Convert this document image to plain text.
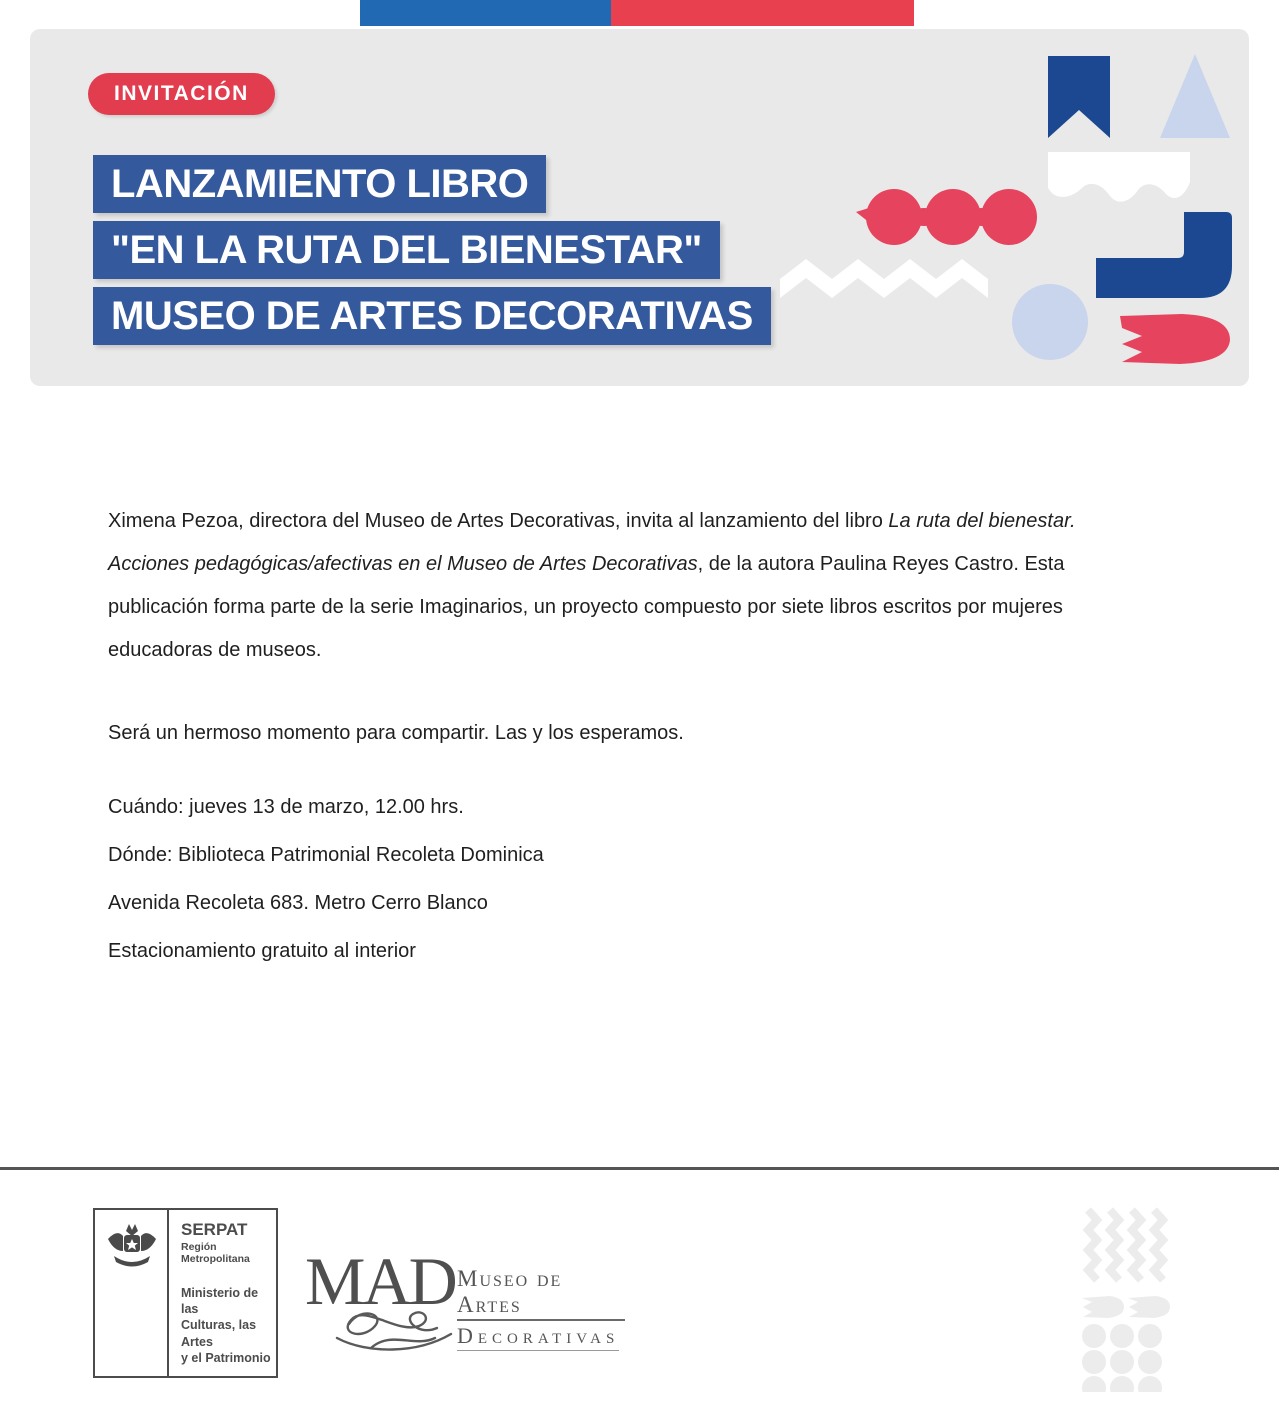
INVITACIÓN
LANZAMIENTO LIBRO
"EN LA RUTA DEL BIENESTAR"
MUSEO DE ARTES DECORATIVAS
Ximena Pezoa, directora del Museo de Artes Decorativas, invita al lanzamiento del libro La ruta del bienestar.
Acciones pedagógicas/afectivas en el Museo de Artes Decorativas, de la autora Paulina Reyes Castro. Esta
publicación forma parte de la serie Imaginarios, un proyecto compuesto por siete libros escritos por mujeres
educadoras de museos.
Será un hermoso momento para compartir. Las y los esperamos.
Cuándo: jueves 13 de marzo, 12.00 hrs.
Dónde: Biblioteca Patrimonial Recoleta Dominica
Avenida Recoleta 683. Metro Cerro Blanco
Estacionamiento gratuito al interior
SERPAT
Región Metropolitana
Ministerio de las
Culturas, las Artes
y el Patrimonio
MAD Museo de Artes
Decorativas
